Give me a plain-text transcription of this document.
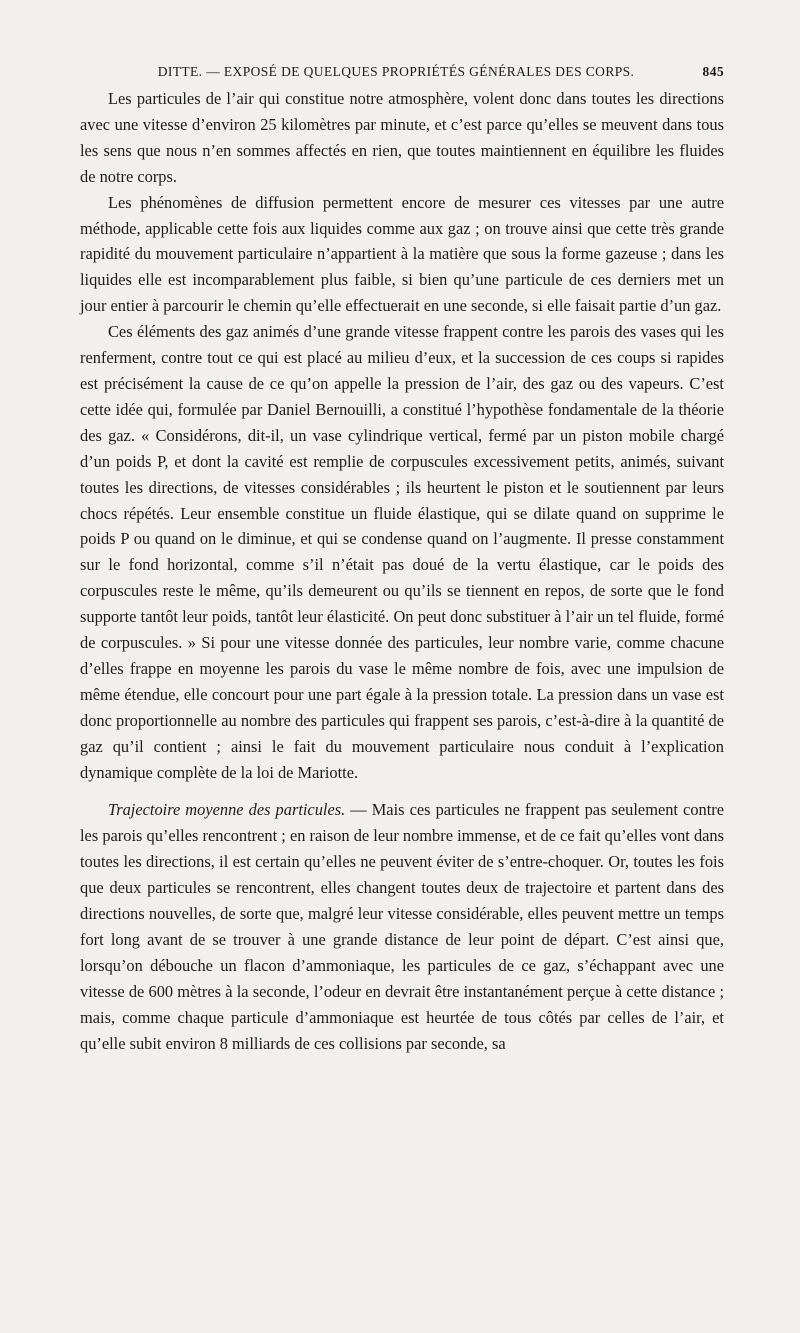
DITTE. — EXPOSÉ DE QUELQUES PROPRIÉTÉS GÉNÉRALES DES CORPS.	845

Les particules de l’air qui constitue notre atmosphère, volent donc dans toutes les directions avec une vitesse d’environ 25 kilomètres par minute, et c’est parce qu’elles se meuvent dans tous les sens que nous n’en sommes affectés en rien, que toutes maintiennent en équilibre les fluides de notre corps.

Les phénomènes de diffusion permettent encore de mesurer ces vitesses par une autre méthode, applicable cette fois aux liquides comme aux gaz ; on trouve ainsi que cette très grande rapidité du mouvement particulaire n’appartient à la matière que sous la forme gazeuse ; dans les liquides elle est incomparablement plus faible, si bien qu’une particule de ces derniers met un jour entier à parcourir le chemin qu’elle effectuerait en une seconde, si elle faisait partie d’un gaz.

Ces éléments des gaz animés d’une grande vitesse frappent contre les parois des vases qui les renferment, contre tout ce qui est placé au milieu d’eux, et la succession de ces coups si rapides est précisément la cause de ce qu’on appelle la pression de l’air, des gaz ou des vapeurs. C’est cette idée qui, formulée par Daniel Bernouilli, a constitué l’hypothèse fondamentale de la théorie des gaz. « Considérons, dit-il, un vase cylindrique vertical, fermé par un piston mobile chargé d’un poids P, et dont la cavité est remplie de corpuscules excessivement petits, animés, suivant toutes les directions, de vitesses considérables ; ils heurtent le piston et le soutiennent par leurs chocs répétés. Leur ensemble constitue un fluide élastique, qui se dilate quand on supprime le poids P ou quand on le diminue, et qui se condense quand on l’augmente. Il presse constamment sur le fond horizontal, comme s’il n’était pas doué de la vertu élastique, car le poids des corpuscules reste le même, qu’ils demeurent ou qu’ils se tiennent en repos, de sorte que le fond supporte tantôt leur poids, tantôt leur élasticité. On peut donc substituer à l’air un tel fluide, formé de corpuscules. » Si pour une vitesse donnée des particules, leur nombre varie, comme chacune d’elles frappe en moyenne les parois du vase le même nombre de fois, avec une impulsion de même étendue, elle concourt pour une part égale à la pression totale. La pression dans un vase est donc proportionnelle au nombre des particules qui frappent ses parois, c’est-à-dire à la quantité de gaz qu’il contient ; ainsi le fait du mouvement particulaire nous conduit à l’explication dynamique complète de la loi de Mariotte.

Trajectoire moyenne des particules. — Mais ces particules ne frappent pas seulement contre les parois qu’elles rencontrent ; en raison de leur nombre immense, et de ce fait qu’elles vont dans toutes les directions, il est certain qu’elles ne peuvent éviter de s’entre-choquer. Or, toutes les fois que deux particules se rencontrent, elles changent toutes deux de trajectoire et partent dans des directions nouvelles, de sorte que, malgré leur vitesse considérable, elles peuvent mettre un temps fort long avant de se trouver à une grande distance de leur point de départ. C’est ainsi que, lorsqu’on débouche un flacon d’ammoniaque, les particules de ce gaz, s’échappant avec une vitesse de 600 mètres à la seconde, l’odeur en devrait être instantanément perçue à cette distance ; mais, comme chaque particule d’ammoniaque est heurtée de tous côtés par celles de l’air, et qu’elle subit environ 8 milliards de ces collisions par seconde, sa
